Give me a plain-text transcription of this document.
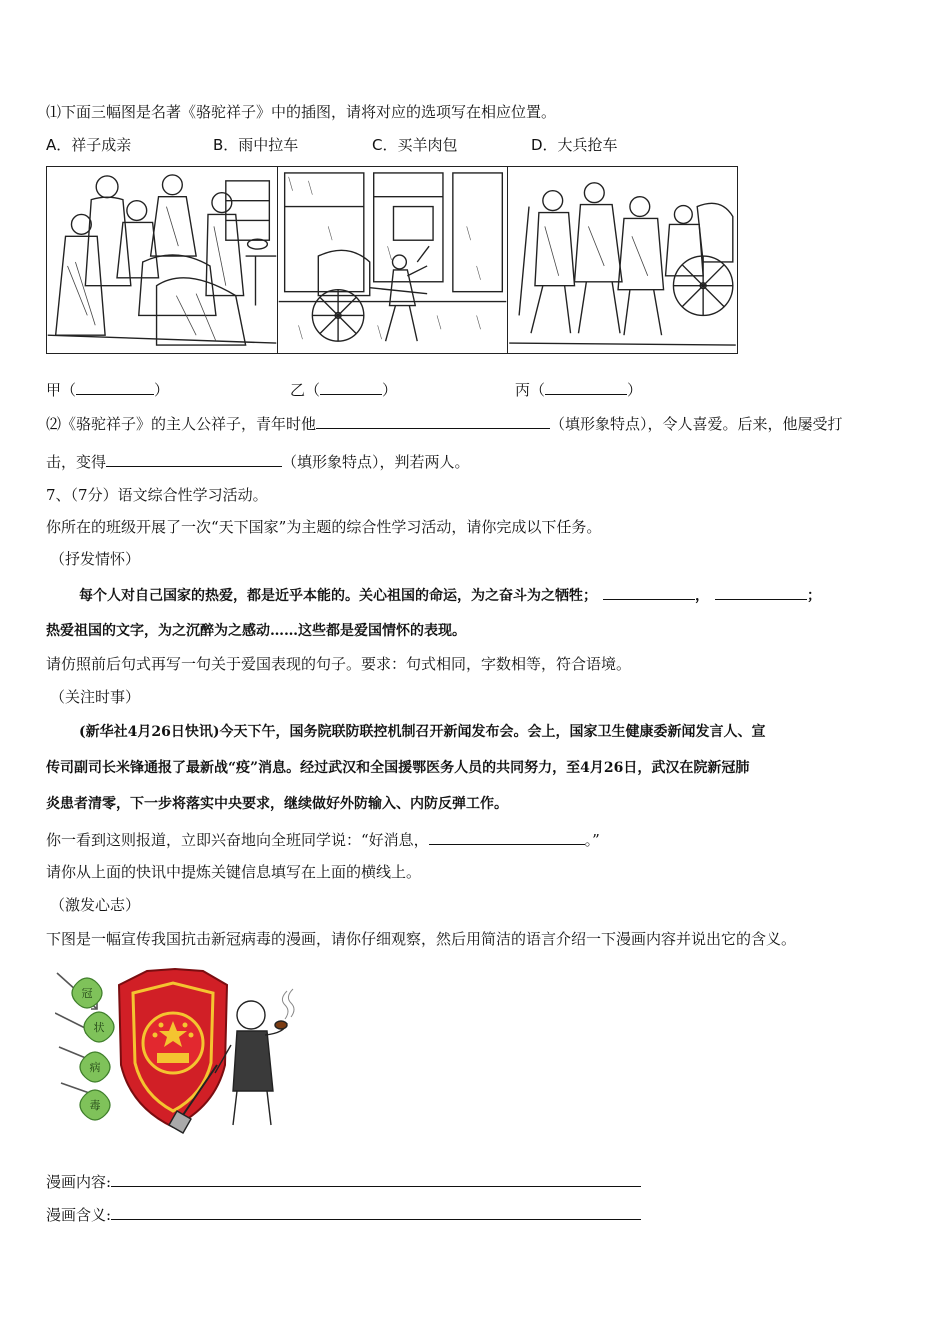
⑴下面三幅图是名著《骆驼祥子》中的插图，请将对应的选项写在相应位置。
A．祥子成亲	B．雨中拉车	C．买羊肉包	D．大兵抢车
甲（	）	乙（	）	丙（	）
⑵《骆驼祥子》的主人公祥子，青年时他	（填形象特点），令人喜爱。后来，他屡受打
击，变得	（填形象特点），判若两人。
7、（7分）语文综合性学习活动。
你所在的班级开展了一次“天下国家”为主题的综合性学习活动，请你完成以下任务。
（抒发情怀）
每个人对自己国家的热爱，都是近乎本能的。关心祖国的命运，为之奋斗为之牺牲；	，	；
热爱祖国的文字，为之沉醉为之感动……这些都是爱国情怀的表现。
请仿照前后句式再写一句关于爱国表现的句子。要求：句式相同，字数相等，符合语境。
（关注时事）
(新华社4月26日快讯)今天下午，国务院联防联控机制召开新闻发布会。会上，国家卫生健康委新闻发言人、宣
传司副司长米锋通报了最新战“疫”消息。经过武汉和全国援鄂医务人员的共同努力，至4月26日，武汉在院新冠肺
炎患者清零，下一步将落实中央要求，继续做好外防输入、内防反弹工作。
你一看到这则报道，立即兴奋地向全班同学说：“好消息，	。”
请你从上面的快讯中提炼关键信息填写在上面的横线上。
（激发心志）
下图是一幅宣传我国抗击新冠病毒的漫画，请你仔细观察，然后用简洁的语言介绍一下漫画内容并说出它的含义。
冠
状
病
毒
漫画内容:
漫画含义:
